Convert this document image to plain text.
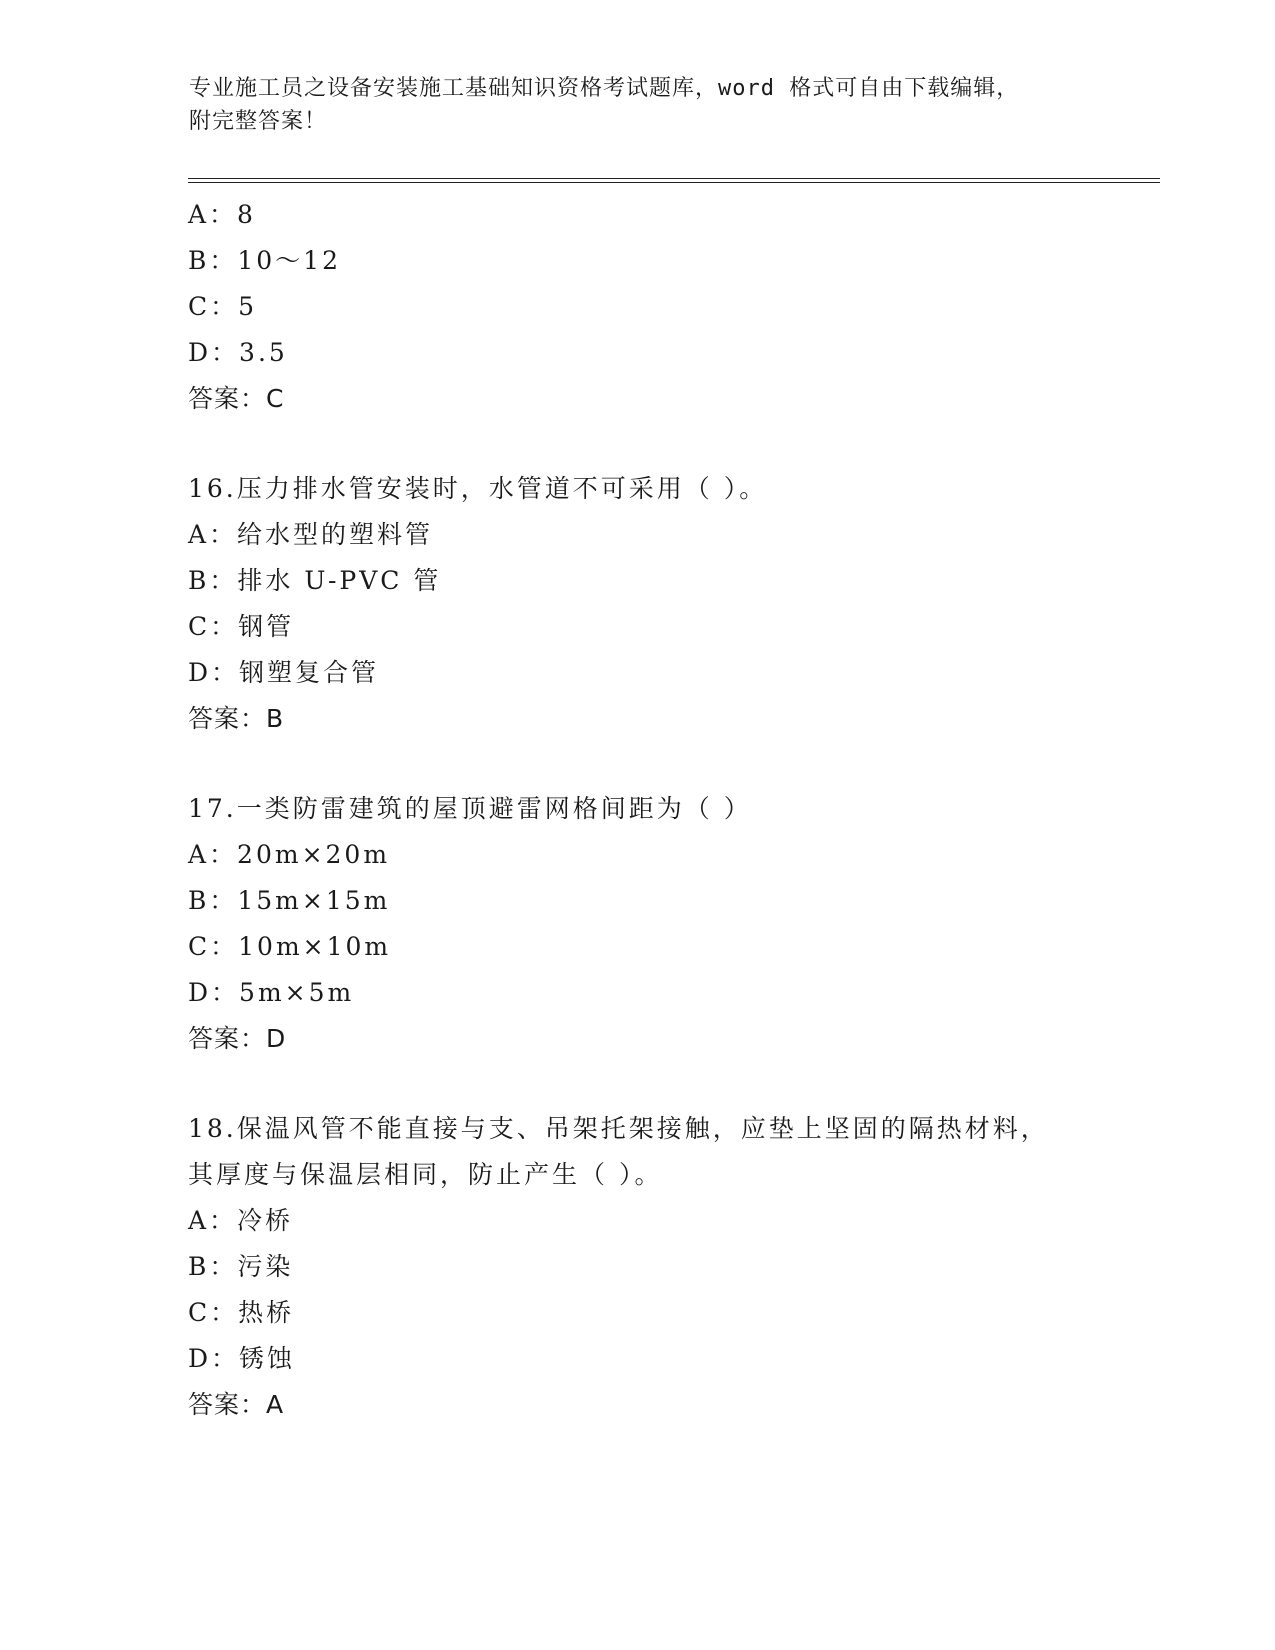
专业施工员之设备安装施工基础知识资格考试题库，word 格式可自由下载编辑，
附完整答案！
A：8
B：10～12
C：5
D：3.5
答案：C
16.压力排水管安装时，水管道不可采用（ ）。
A：给水型的塑料管
B：排水 U-PVC 管
C：钢管
D：钢塑复合管
答案：B
17.一类防雷建筑的屋顶避雷网格间距为（ ）
A：20m×20m
B：15m×15m
C：10m×10m
D：5m×5m
答案：D
18.保温风管不能直接与支、吊架托架接触，应垫上坚固的隔热材料，
其厚度与保温层相同，防止产生（ ）。
A：冷桥
B：污染
C：热桥
D：锈蚀
答案：A
